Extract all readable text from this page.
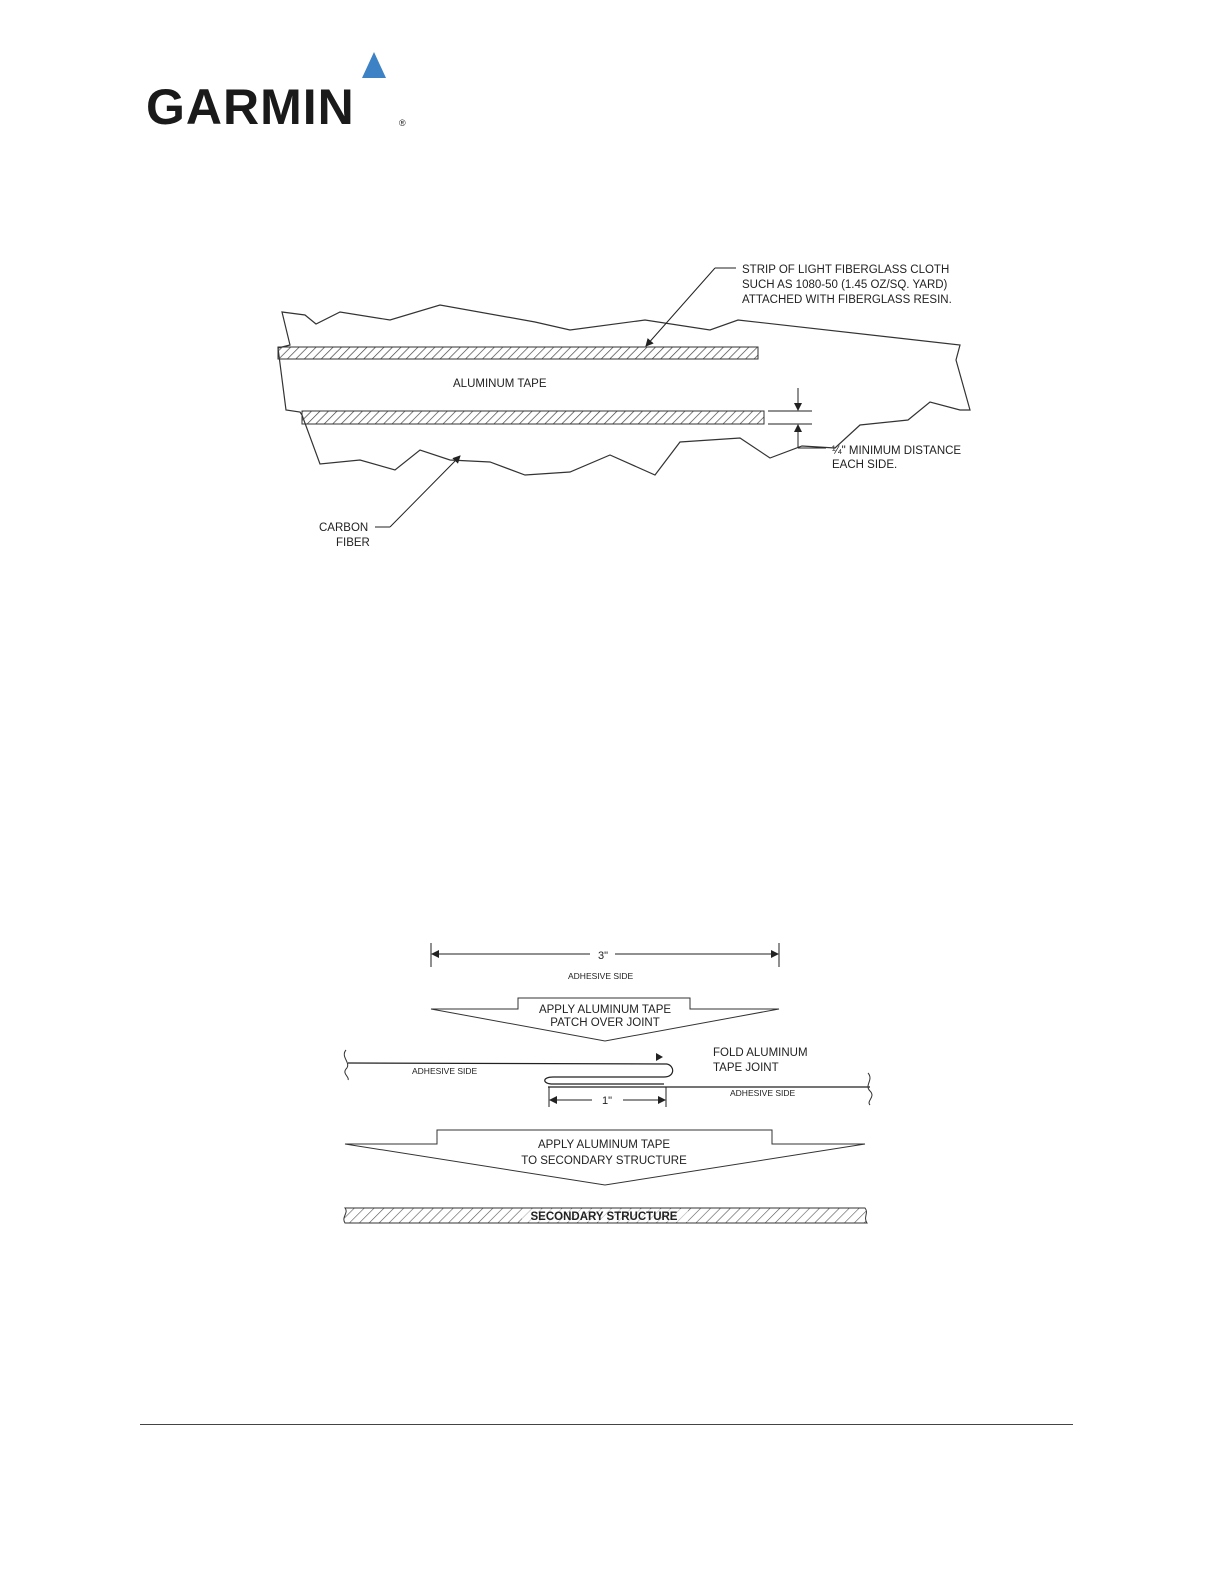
GARMIN	®
ALUMINUM TAPE
STRIP OF LIGHT FIBERGLASS CLOTH
SUCH AS 1080-50 (1.45 OZ/SQ. YARD)
ATTACHED WITH FIBERGLASS RESIN.
¼" MINIMUM DISTANCE
EACH SIDE.
CARBON
FIBER
3"
ADHESIVE SIDE
APPLY ALUMINUM TAPE
PATCH OVER JOINT
ADHESIVE SIDE
FOLD ALUMINUM
TAPE JOINT
ADHESIVE SIDE
1"
APPLY ALUMINUM TAPE
TO SECONDARY STRUCTURE
SECONDARY STRUCTURE
